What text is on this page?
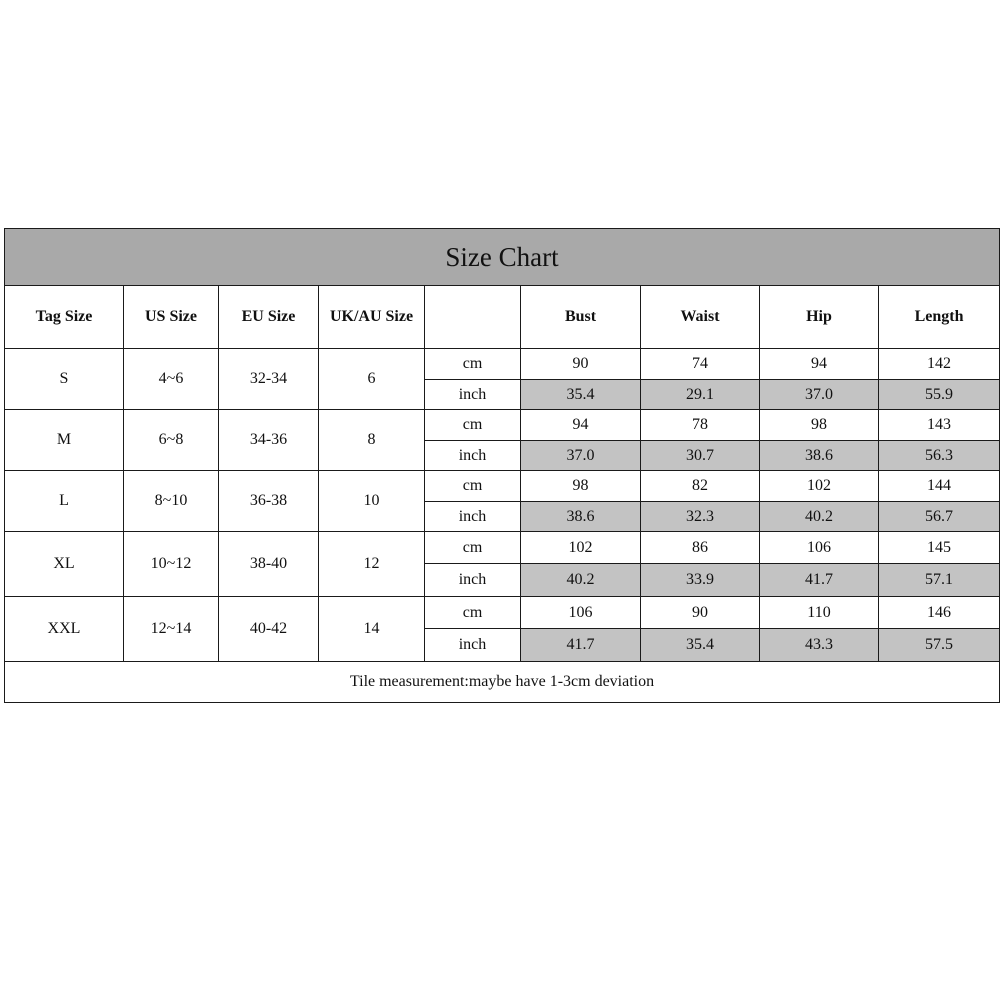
Size Chart								
Tag Size	US Size	EU Size	UK/AU Size		Bust	Waist	Hip	Length
S	4~6	32-34	6	cm	90	74	94	142
				inch	35.4	29.1	37.0	55.9
M	6~8	34-36	8	cm	94	78	98	143
				inch	37.0	30.7	38.6	56.3
L	8~10	36-38	10	cm	98	82	102	144
				inch	38.6	32.3	40.2	56.7
XL	10~12	38-40	12	cm	102	86	106	145
				inch	40.2	33.9	41.7	57.1
XXL	12~14	40-42	14	cm	106	90	110	146
				inch	41.7	35.4	43.3	57.5
Tile measurement:maybe have 1-3cm deviation								
